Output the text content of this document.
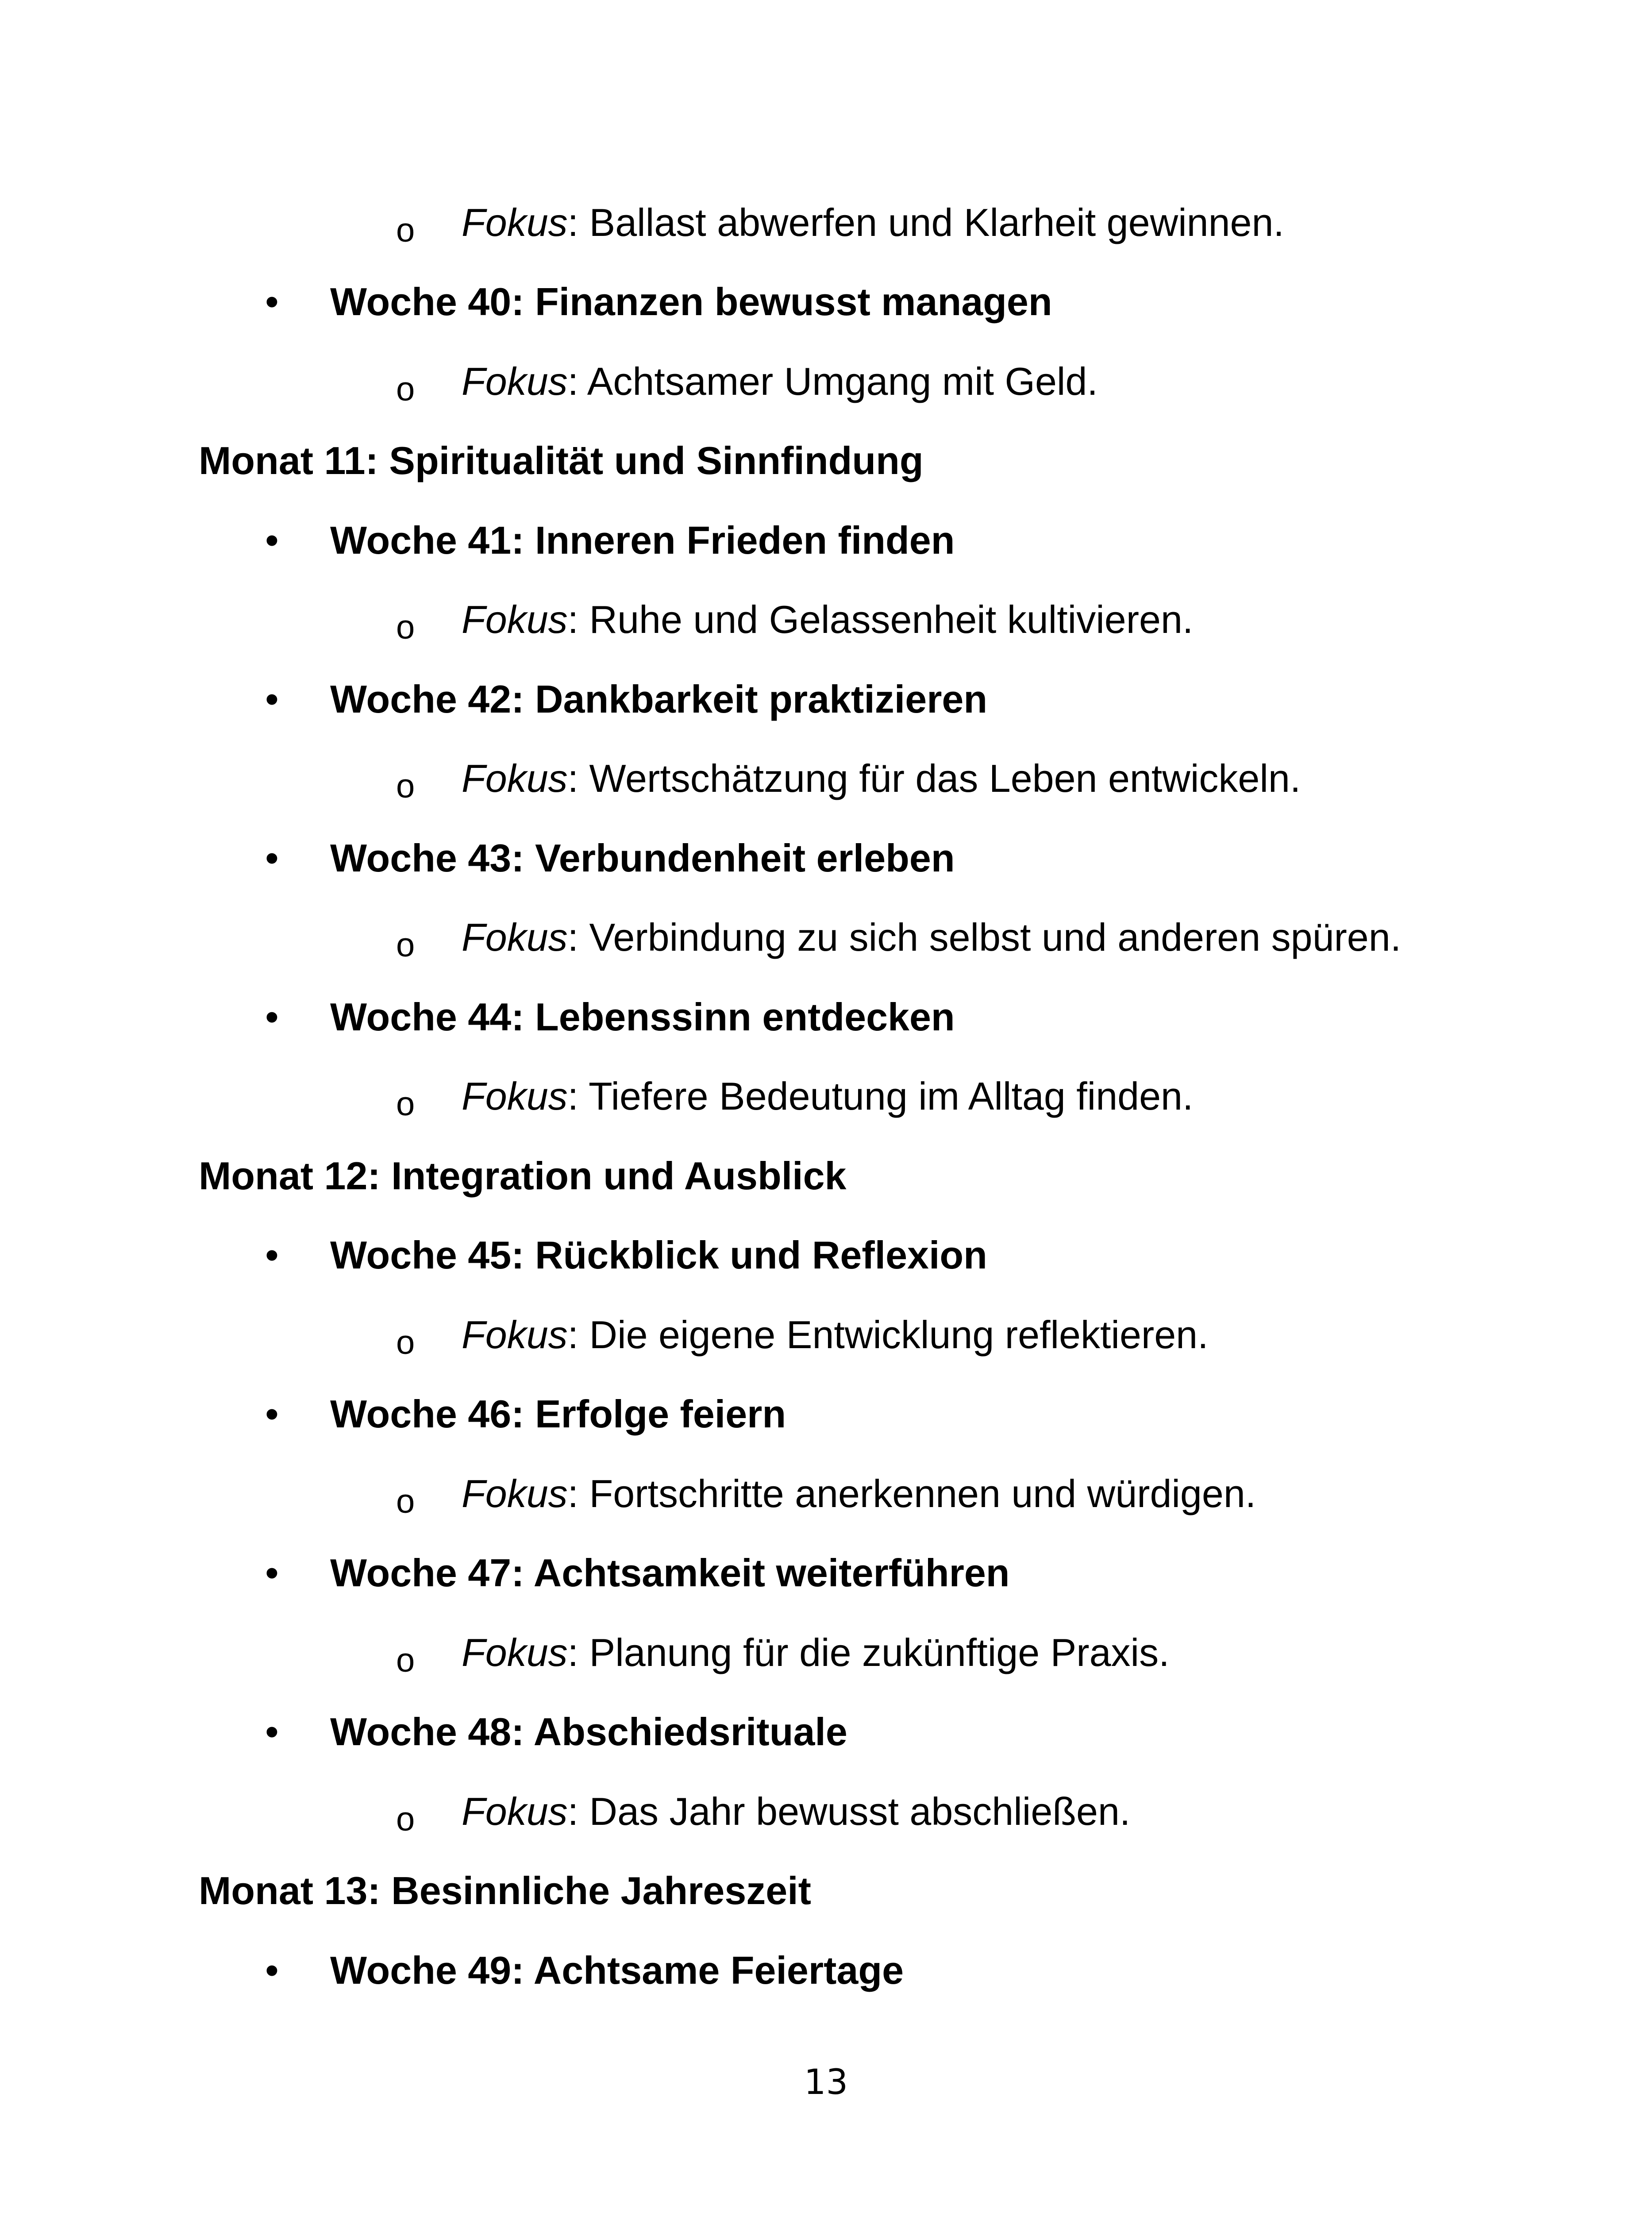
o Fokus: Ballast abwerfen und Klarheit gewinnen.
• Woche 40: Finanzen bewusst managen
o Fokus: Achtsamer Umgang mit Geld.
Monat 11: Spiritualität und Sinnfindung
• Woche 41: Inneren Frieden finden
o Fokus: Ruhe und Gelassenheit kultivieren.
• Woche 42: Dankbarkeit praktizieren
o Fokus: Wertschätzung für das Leben entwickeln.
• Woche 43: Verbundenheit erleben
o Fokus: Verbindung zu sich selbst und anderen spüren.
• Woche 44: Lebenssinn entdecken
o Fokus: Tiefere Bedeutung im Alltag finden.
Monat 12: Integration und Ausblick
• Woche 45: Rückblick und Reflexion
o Fokus: Die eigene Entwicklung reflektieren.
• Woche 46: Erfolge feiern
o Fokus: Fortschritte anerkennen und würdigen.
• Woche 47: Achtsamkeit weiterführen
o Fokus: Planung für die zukünftige Praxis.
• Woche 48: Abschiedsrituale
o Fokus: Das Jahr bewusst abschließen.
Monat 13: Besinnliche Jahreszeit
• Woche 49: Achtsame Feiertage
13
